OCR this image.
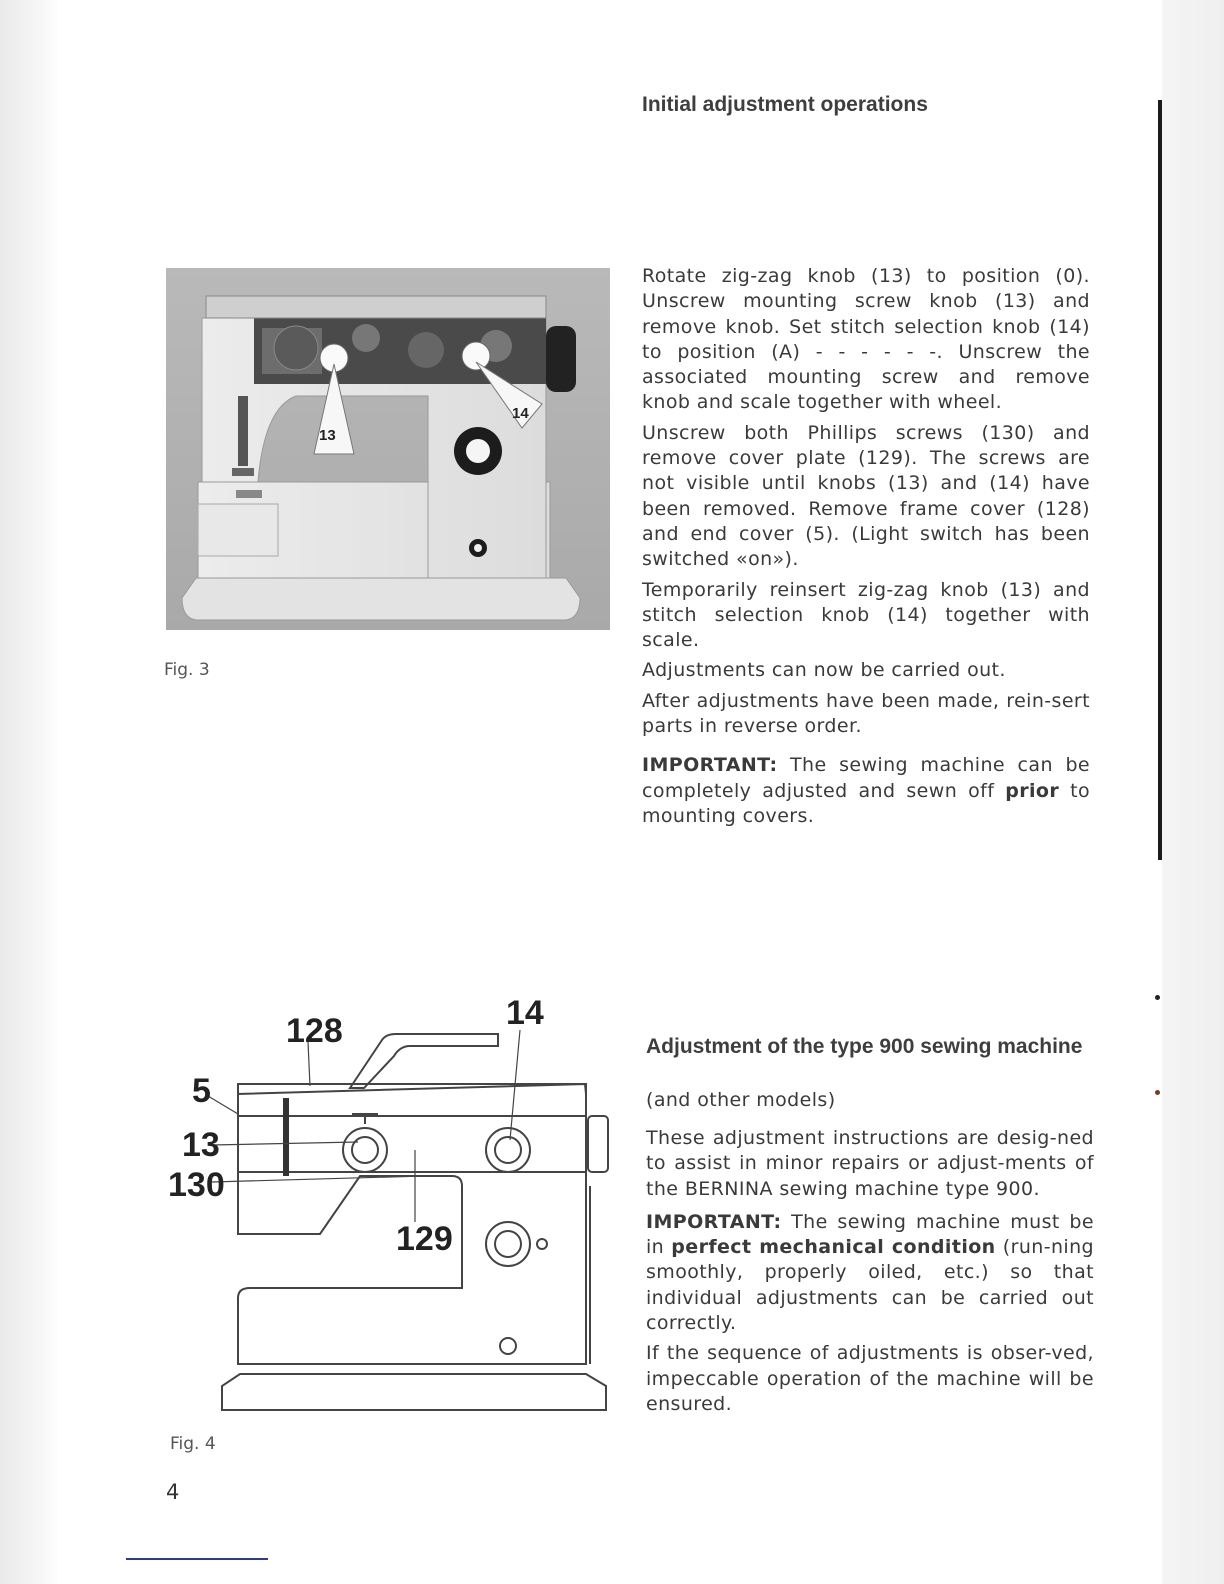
Initial adjustment operations
13
14
Fig. 3

Rotate zig-zag knob (13) to position (0). Unscrew mounting screw knob (13) and remove knob. Set stitch selection knob (14) to position (A) - - - - - -. Unscrew the associated mounting screw and remove knob and scale together with wheel.

Unscrew both Phillips screws (130) and remove cover plate (129). The screws are not visible until knobs (13) and (14) have been removed. Remove frame cover (128) and end cover (5). (Light switch has been switched «on»).

Temporarily reinsert zig-zag knob (13) and stitch selection knob (14) together with scale.

Adjustments can now be carried out.

After adjustments have been made, rein-sert parts in reverse order.

IMPORTANT: The sewing machine can be completely adjusted and sewn off prior to mounting covers.

128	14
5
13
130
129
Fig. 4
Adjustment of the type 900 sewing machine
(and other models)

These adjustment instructions are desig-ned to assist in minor repairs or adjust-ments of the BERNINA sewing machine type 900.

IMPORTANT: The sewing machine must be in perfect mechanical condition (run-ning smoothly, properly oiled, etc.) so that individual adjustments can be carried out correctly.

If the sequence of adjustments is obser-ved, impeccable operation of the machine will be ensured.

4
